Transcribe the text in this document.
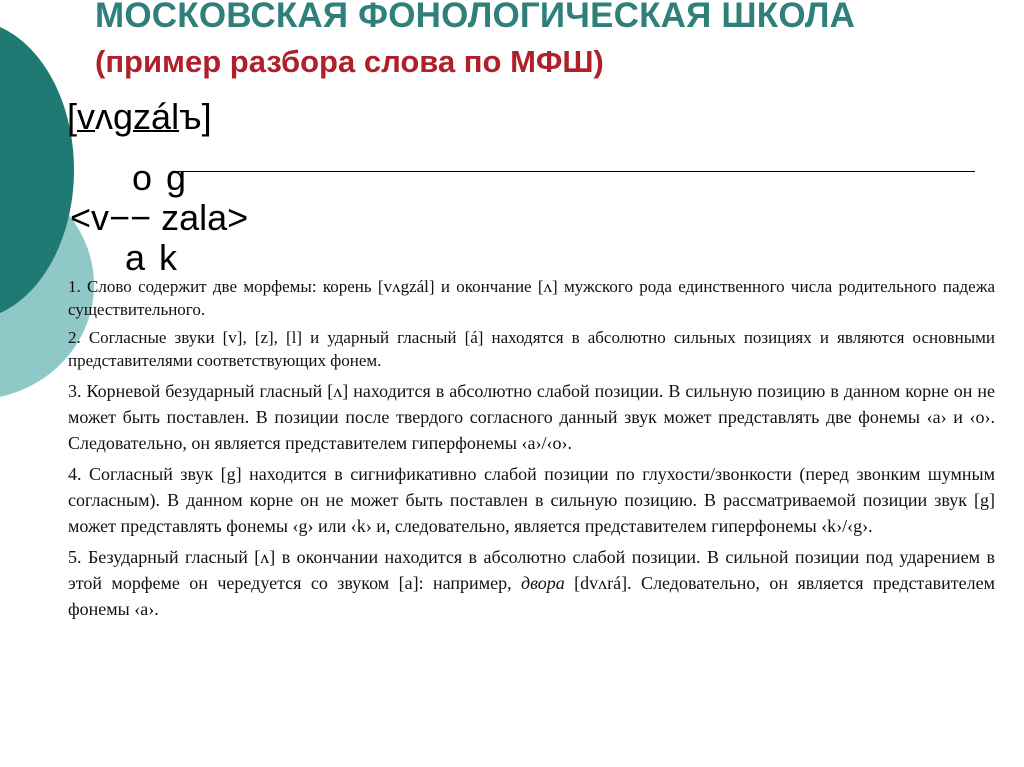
МОСКОВСКАЯ ФОНОЛОГИЧЕСКАЯ ШКОЛА
(пример разбора слова по МФШ)
[vʌgzálъ]
o g
<v−− zala>
a k

1. Слово содержит две морфемы: корень [vʌgzál] и окончание [ʌ] мужского рода единственного числа родительного падежа существительного.

2. Согласные звуки [v], [z], [l] и ударный гласный [á] находятся в абсолютно сильных позициях и являются основными представителями соответствующих фонем.

3. Корневой безударный гласный [ʌ] находится в абсолютно слабой позиции. В сильную позицию в данном корне он не может быть поставлен. В позиции после твердого согласного данный звук может представлять две фонемы ‹a› и ‹o›. Следовательно, он является представителем гиперфонемы ‹a›/‹o›.

4. Согласный звук [g] находится в сигнификативно слабой позиции по глухости/звонкости (перед звонким шумным согласным). В данном корне он не может быть поставлен в сильную позицию. В рассматриваемой позиции звук [g] может представлять фонемы ‹g› или ‹k› и, следовательно, является представителем гиперфонемы ‹k›/‹g›.

5. Безударный гласный [ʌ] в окончании находится в абсолютно слабой позиции. В сильной позиции под ударением в этой морфеме он чередуется со звуком [a]: например, двора [dvʌrá]. Следовательно, он является представителем фонемы ‹a›.
